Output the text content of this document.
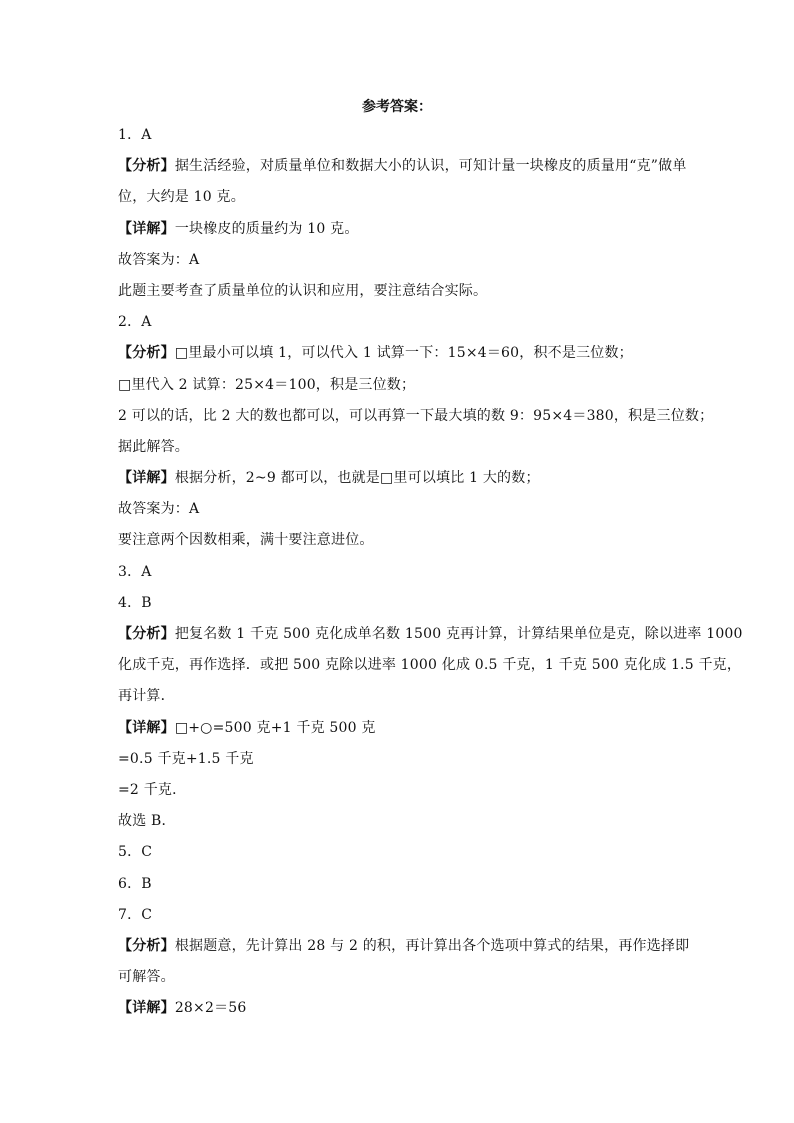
参考答案：
1．A
【分析】据生活经验，对质量单位和数据大小的认识，可知计量一块橡皮的质量用“克”做单
位，大约是 10 克。
【详解】一块橡皮的质量约为 10 克。
故答案为：A
此题主要考查了质量单位的认识和应用，要注意结合实际。
2．A
【分析】□里最小可以填 1，可以代入 1 试算一下：15×4＝60，积不是三位数；
□里代入 2 试算：25×4＝100，积是三位数；
2 可以的话，比 2 大的数也都可以，可以再算一下最大填的数 9：95×4＝380，积是三位数；
据此解答。
【详解】根据分析，2~9 都可以，也就是□里可以填比 1 大的数；
故答案为：A
要注意两个因数相乘，满十要注意进位。
3．A
4．B
【分析】把复名数 1 千克 500 克化成单名数 1500 克再计算，计算结果单位是克，除以进率 1000
化成千克，再作选择．或把 500 克除以进率 1000 化成 0.5 千克，1 千克 500 克化成 1.5 千克，
再计算．
【详解】□+○=500 克+1 千克 500 克
=0.5 千克+1.5 千克
=2 千克．
故选 B．
5．C
6．B
7．C
【分析】根据题意，先计算出 28 与 2 的积，再计算出各个选项中算式的结果，再作选择即
可解答。
【详解】28×2＝56
